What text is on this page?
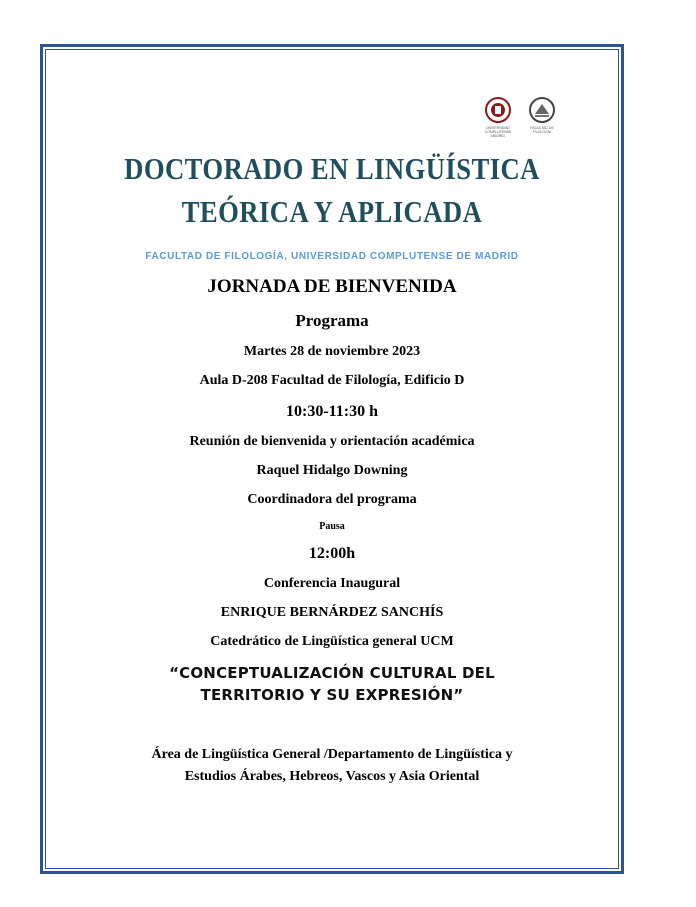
UNIVERSIDAD COMPLUTENSE MADRID
FACULTAD DE FILOLOGÍA
DOCTORADO EN LINGÜÍSTICA
TEÓRICA Y APLICADA
FACULTAD DE FILOLOGÍA, UNIVERSIDAD COMPLUTENSE DE MADRID
JORNADA DE BIENVENIDA
Programa
Martes 28 de noviembre 2023
Aula D-208 Facultad de Filología, Edificio D
10:30-11:30 h
Reunión de bienvenida y orientación académica
Raquel Hidalgo Downing
Coordinadora del programa
Pausa
12:00h
Conferencia Inaugural
ENRIQUE BERNÁRDEZ SANCHÍS
Catedrático de Lingüística general UCM
“CONCEPTUALIZACIÓN CULTURAL DEL
TERRITORIO Y SU EXPRESIÓN”
Área de Lingüística General /Departamento de Lingüística y
Estudios Árabes, Hebreos, Vascos y Asia Oriental
